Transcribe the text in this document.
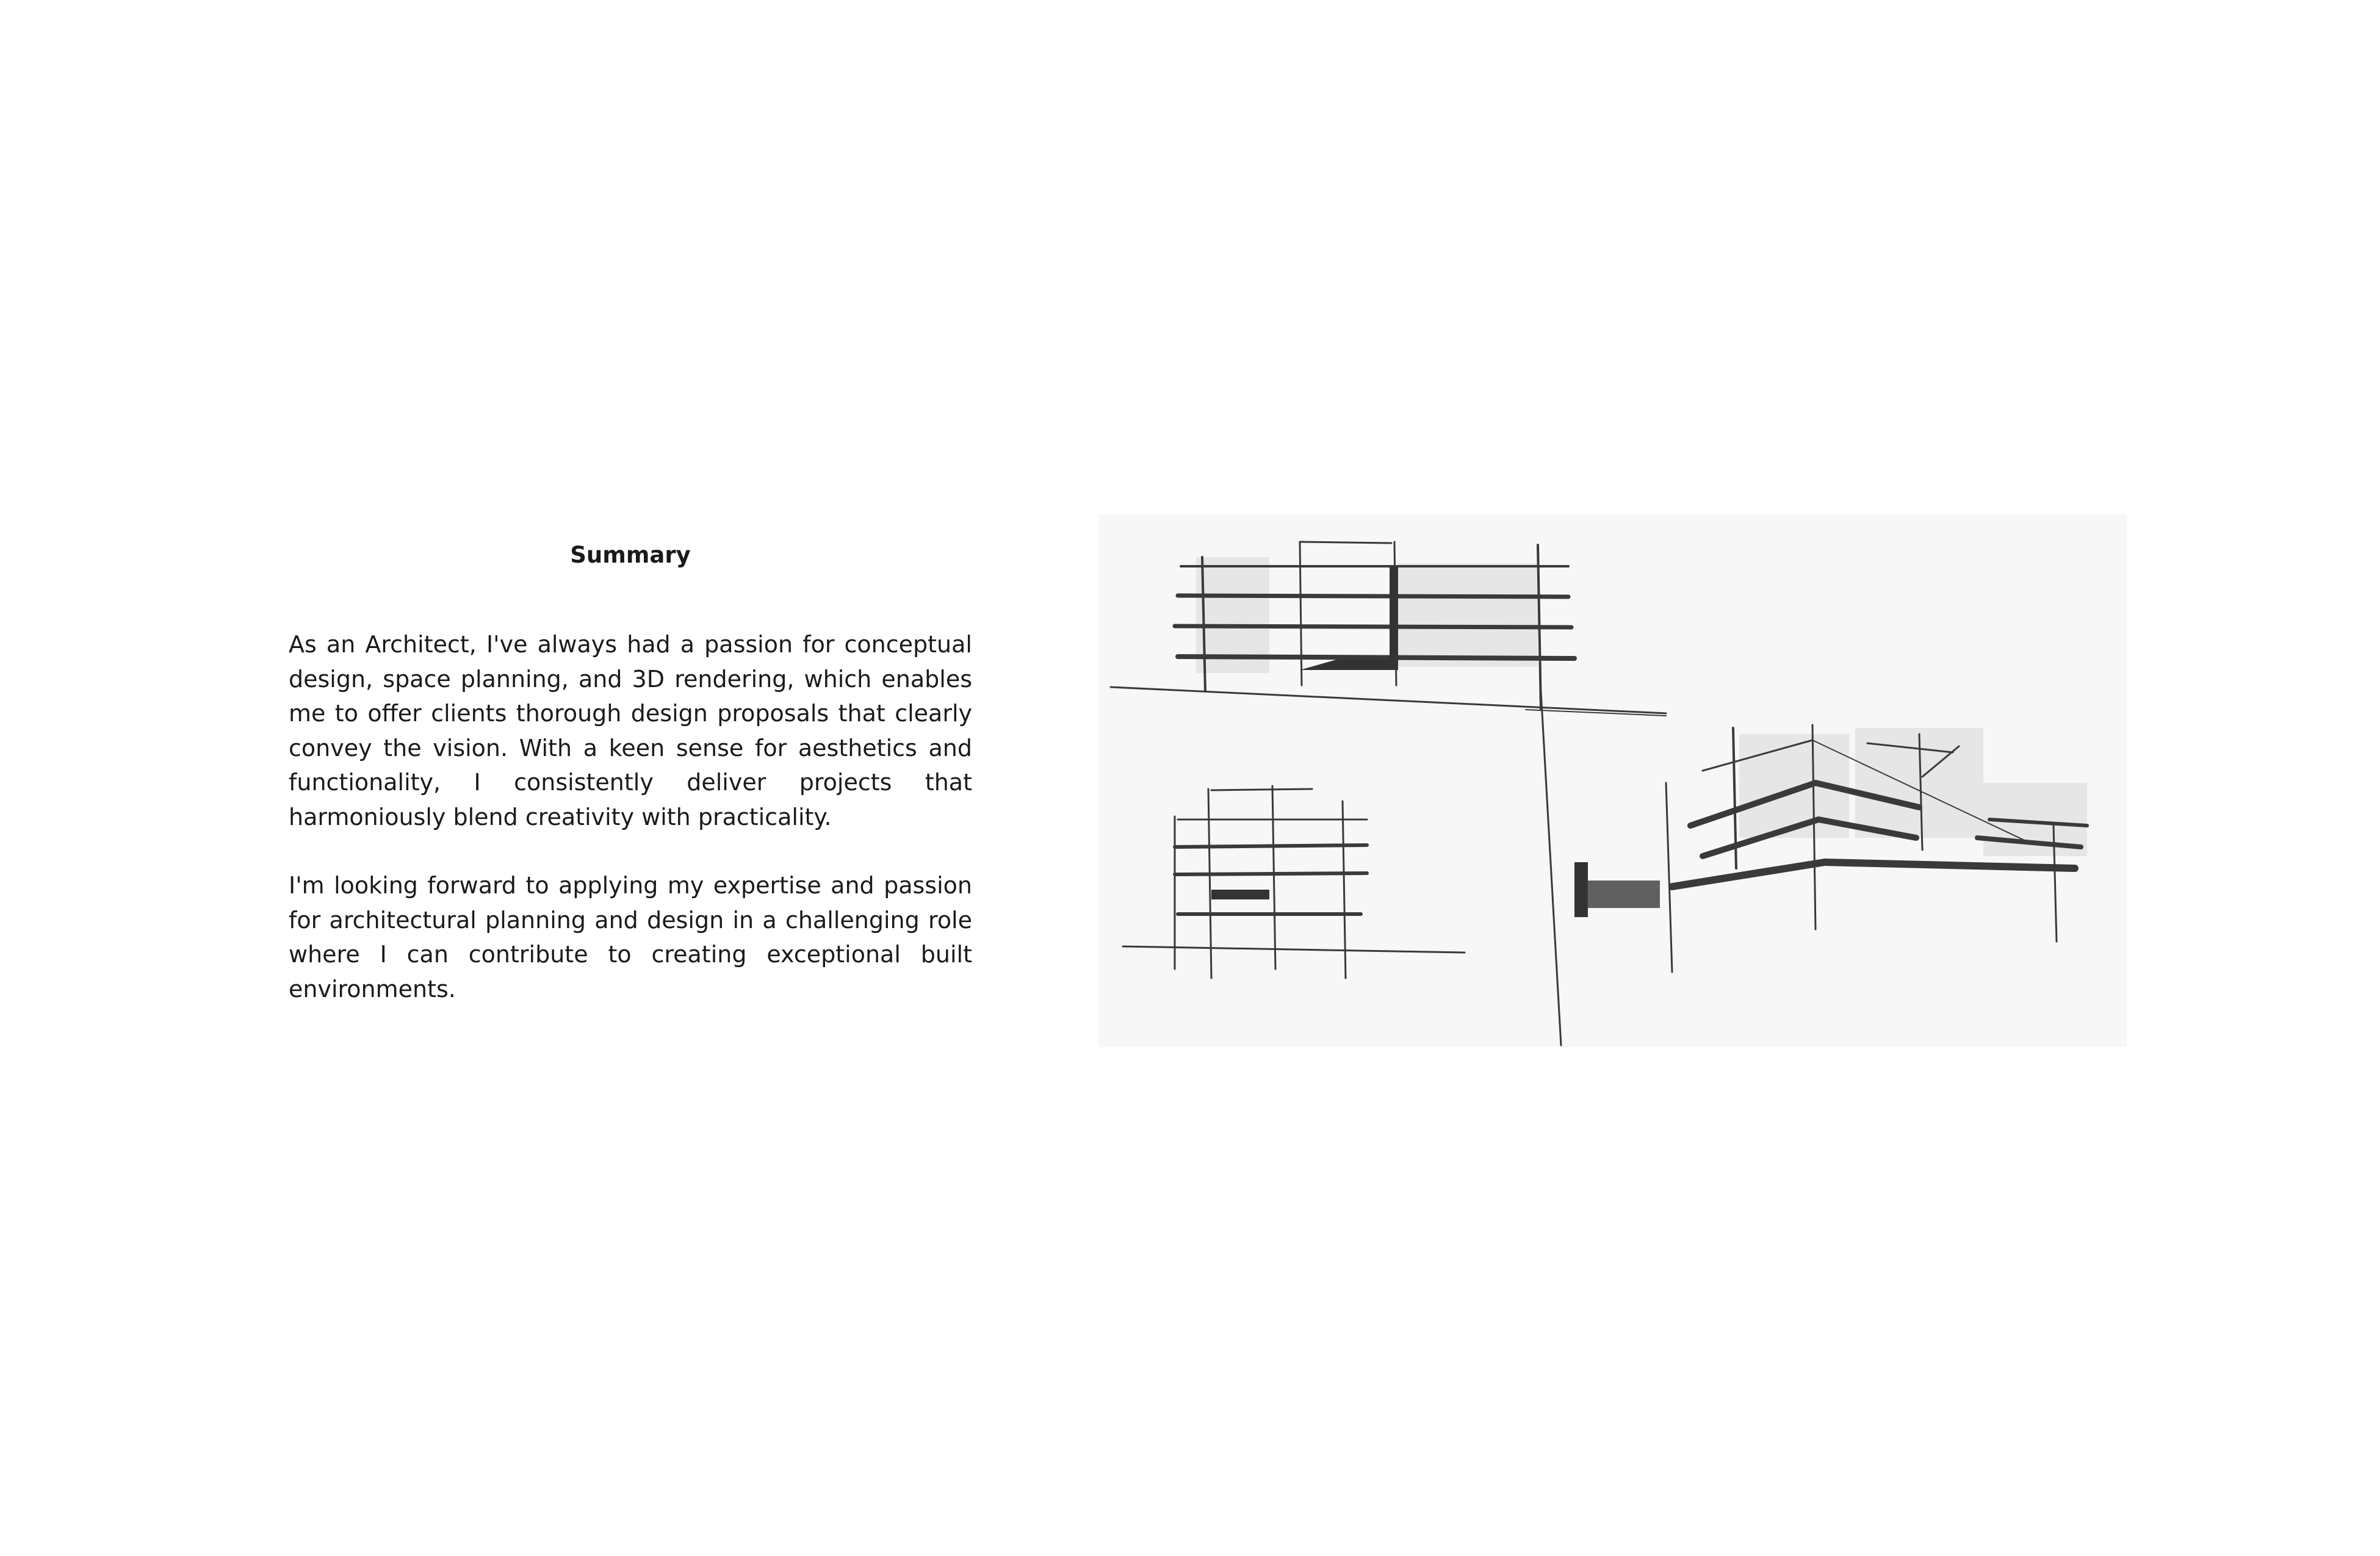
Summary

As an Architect, I've always had a passion for conceptual design, space planning, and 3D rendering, which enables me to offer clients thorough design proposals that clearly convey the vision. With a keen sense for aesthetics and functionality, I consistently deliver projects that harmoniously blend creativity with practicality.

I'm looking forward to applying my expertise and passion for architectural planning and design in a challenging role where I can contribute to creating exceptional built environments.
